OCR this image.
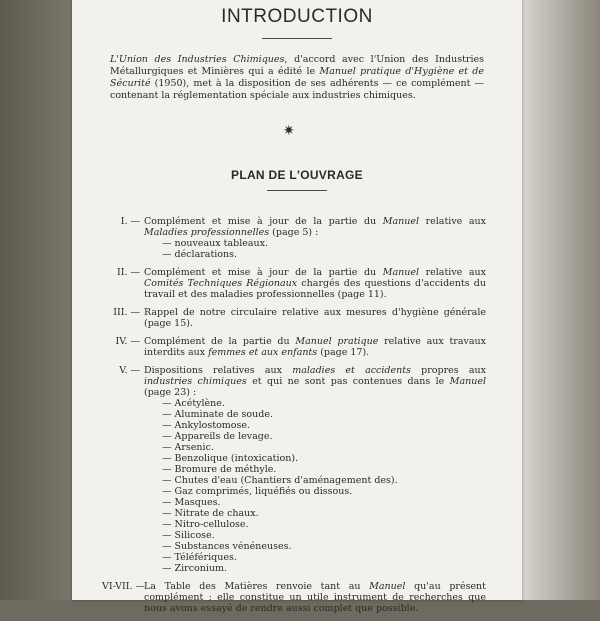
INTRODUCTION
L'Union des Industries Chimiques, d'accord avec l'Union des Industries Métallurgiques et Minières qui a édité le Manuel pratique d'Hygiène et de Sécurité (1950), met à la disposition de ses adhérents — ce complément — contenant la réglementation spéciale aux industries chimiques.
✷
PLAN DE L'OUVRAGE
I. — Complément et mise à jour de la partie du Manuel relative aux Maladies professionnelles (page 5) :
— nouveaux tableaux.
— déclarations.
II. — Complément et mise à jour de la partie du Manuel relative aux Comités Techniques Régionaux chargés des questions d'accidents du travail et des maladies professionnelles (page 11).
III. — Rappel de notre circulaire relative aux mesures d'hygiène générale (page 15).
IV. — Complément de la partie du Manuel pratique relative aux travaux interdits aux femmes et aux enfants (page 17).
V. — Dispositions relatives aux maladies et accidents propres aux industries chimiques et qui ne sont pas contenues dans le Manuel (page 23) :
— Acétylène.
— Aluminate de soude.
— Ankylostomose.
— Appareils de levage.
— Arsenic.
— Benzolique (intoxication).
— Bromure de méthyle.
— Chutes d'eau (Chantiers d'aménagement des).
— Gaz comprimés, liquéfiés ou dissous.
— Masques.
— Nitrate de chaux.
— Nitro-cellulose.
— Silicose.
— Substances vénéneuses.
— Téléfériques.
— Zirconium.
VI-VII. —
La Table des Matières renvoie tant au Manuel qu'au présent complément ; elle constitue un utile instrument de recherches que nous avons essayé de rendre aussi complet que possible.
